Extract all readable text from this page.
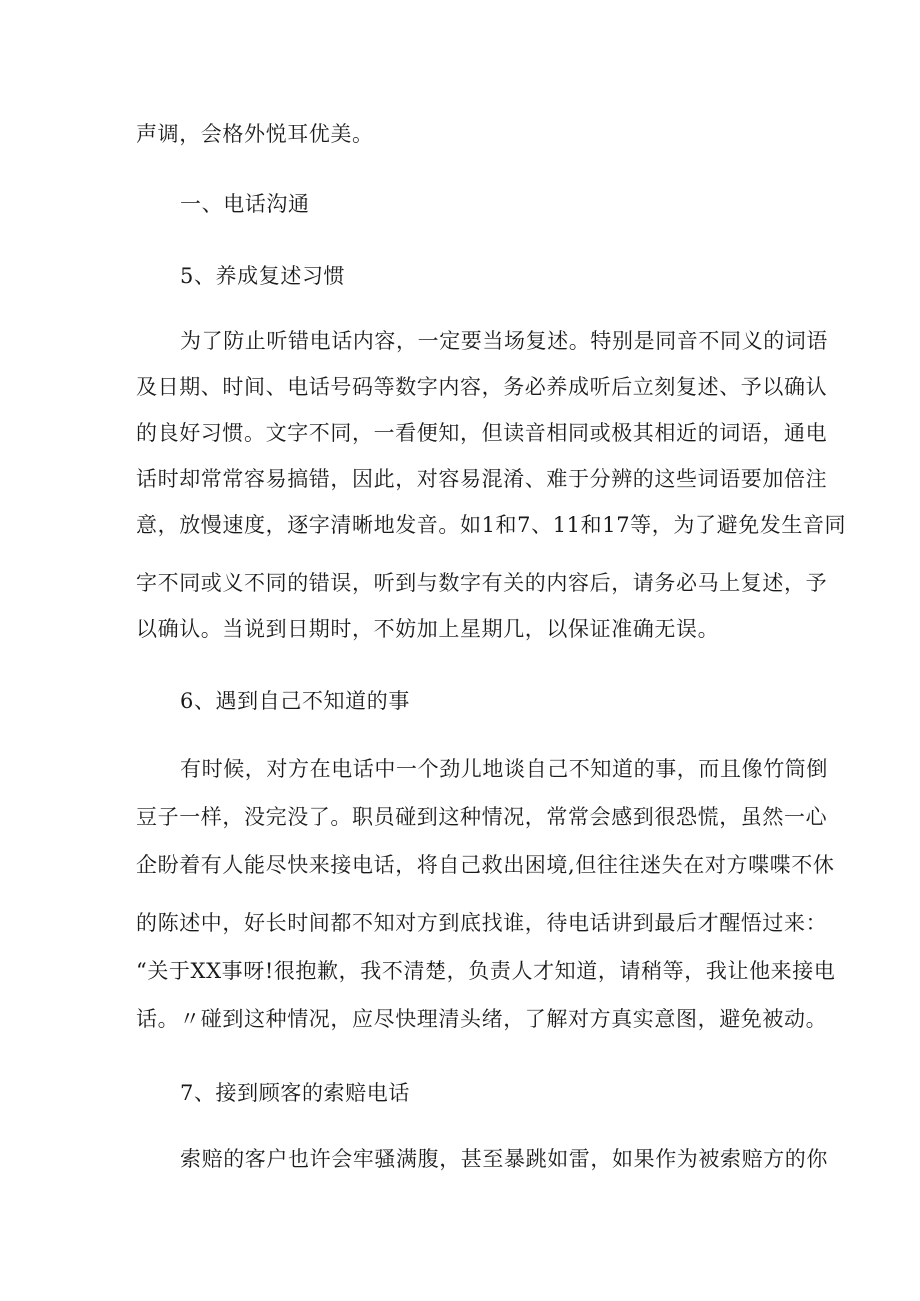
声调，会格外悦耳优美。
一、电话沟通
5、养成复述习惯
为了防止听错电话内容，一定要当场复述。特别是同音不同义的词语
及日期、时间、电话号码等数字内容，务必养成听后立刻复述、予以确认
的良好习惯。文字不同，一看便知，但读音相同或极其相近的词语，通电
话时却常常容易搞错，因此，对容易混淆、难于分辨的这些词语要加倍注
意，放慢速度，逐字清晰地发音。如1和7、11和17等，为了避免发生音同
字不同或义不同的错误，听到与数字有关的内容后，请务必马上复述，予
以确认。当说到日期时，不妨加上星期几，以保证准确无误。
6、遇到自己不知道的事
有时候，对方在电话中一个劲儿地谈自己不知道的事，而且像竹筒倒
豆子一样，没完没了。职员碰到这种情况，常常会感到很恐慌，虽然一心
企盼着有人能尽快来接电话，将自己救出困境,但往往迷失在对方喋喋不休
的陈述中，好长时间都不知对方到底找谁，待电话讲到最后才醒悟过来：
“关于XX事呀!很抱歉，我不清楚，负责人才知道，请稍等，我让他来接电
话。〃碰到这种情况，应尽快理清头绪，了解对方真实意图，避免被动。
7、接到顾客的索赔电话
索赔的客户也许会牢骚满腹，甚至暴跳如雷，如果作为被索赔方的你
